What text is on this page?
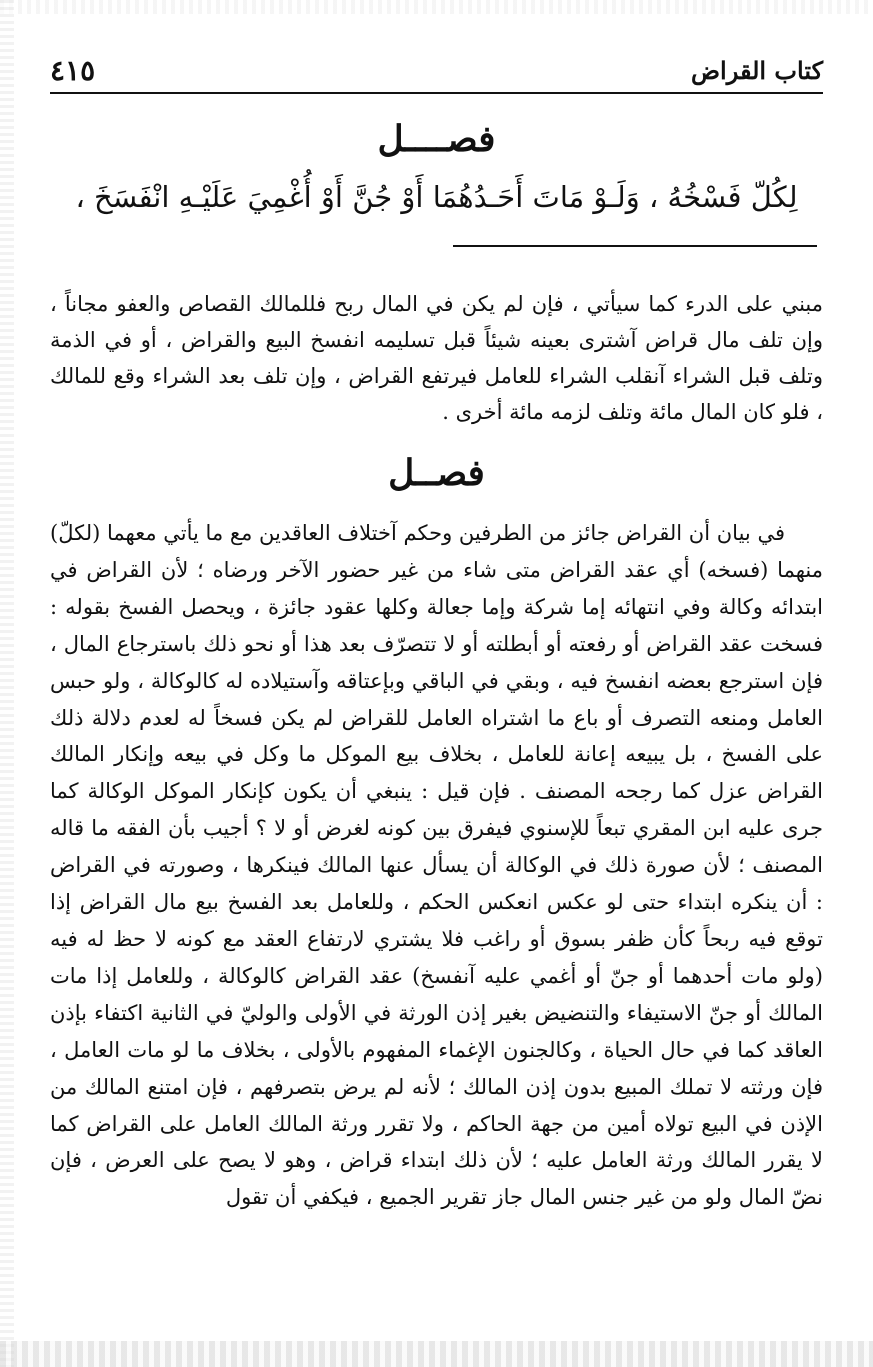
٤١٥	كتاب القراض
فصــــل
لِكُلّ فَسْخُهُ ، وَلَـوْ مَاتَ أَحَـدُهُمَا أَوْ جُنَّ أَوْ أُغْمِيَ عَلَيْـهِ انْفَسَخَ ،

مبني على الدرء كما سيأتي ، فإن لم يكن في المال ربح فللمالك القصاص والعفو مجاناً ، وإن تلف مال قراض آشترى بعينه شيئاً قبل تسليمه انفسخ البيع والقراض ، أو في الذمة وتلف قبل الشراء آنقلب الشراء للعامل فيرتفع القراض ، وإن تلف بعد الشراء وقع للمالك ، فلو كان المال مائة وتلف لزمه مائة أخرى .

فصــل

في بيان أن القراض جائز من الطرفين وحكم آختلاف العاقدين مع ما يأتي معهما (لكلّ) منهما (فسخه) أي عقد القراض متى شاء من غير حضور الآخر ورضاه ؛ لأن القراض في ابتدائه وكالة وفي انتهائه إما شركة وإما جعالة وكلها عقود جائزة ، ويحصل الفسخ بقوله : فسخت عقد القراض أو رفعته أو أبطلته أو لا تتصرّف بعد هذا أو نحو ذلك باسترجاع المال ، فإن استرجع بعضه انفسخ فيه ، وبقي في الباقي وبإعتاقه وآستيلاده له كالوكالة ، ولو حبس العامل ومنعه التصرف أو باع ما اشتراه العامل للقراض لم يكن فسخاً له لعدم دلالة ذلك على الفسخ ، بل يبيعه إعانة للعامل ، بخلاف بيع الموكل ما وكل في بيعه وإنكار المالك القراض عزل كما رجحه المصنف . فإن قيل : ينبغي أن يكون كإنكار الموكل الوكالة كما جرى عليه ابن المقري تبعاً للإسنوي فيفرق بين كونه لغرض أو لا ؟ أجيب بأن الفقه ما قاله المصنف ؛ لأن صورة ذلك في الوكالة أن يسأل عنها المالك فينكرها ، وصورته في القراض : أن ينكره ابتداء حتى لو عكس انعكس الحكم ، وللعامل بعد الفسخ بيع مال القراض إذا توقع فيه ربحاً كأن ظفر بسوق أو راغب فلا يشتري لارتفاع العقد مع كونه لا حظ له فيه (ولو مات أحدهما أو جنّ أو أغمي عليه آنفسخ) عقد القراض كالوكالة ، وللعامل إذا مات المالك أو جنّ الاستيفاء والتنضيض بغير إذن الورثة في الأولى والوليّ في الثانية اكتفاء بإذن العاقد كما في حال الحياة ، وكالجنون الإغماء المفهوم بالأولى ، بخلاف ما لو مات العامل ، فإن ورثته لا تملك المبيع بدون إذن المالك ؛ لأنه لم يرض بتصرفهم ، فإن امتنع المالك من الإذن في البيع تولاه أمين من جهة الحاكم ، ولا تقرر ورثة المالك العامل على القراض كما لا يقرر المالك ورثة العامل عليه ؛ لأن ذلك ابتداء قراض ، وهو لا يصح على العرض ، فإن نضّ المال ولو من غير جنس المال جاز تقرير الجميع ، فيكفي أن تقول
